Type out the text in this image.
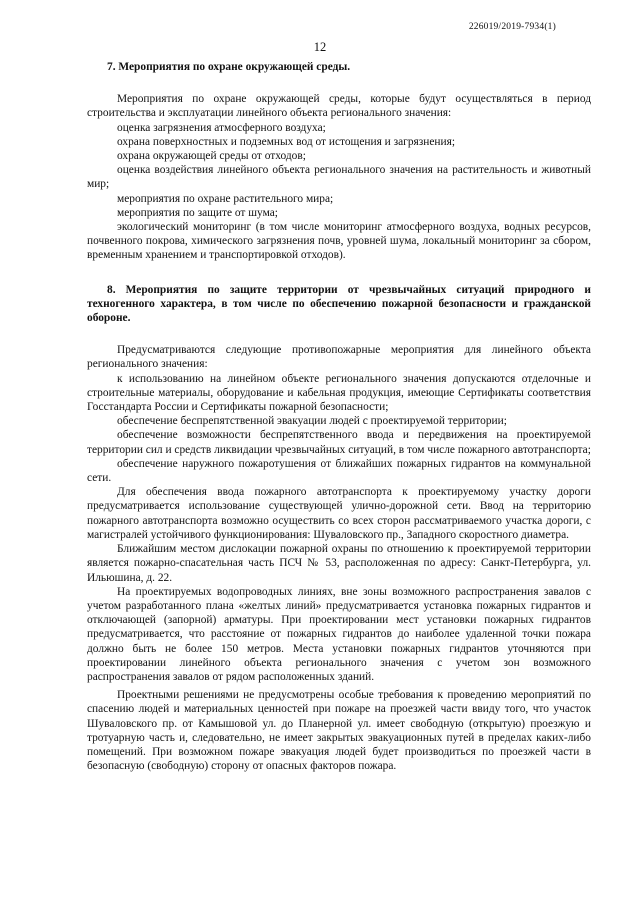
226019/2019-7934(1)
12

7. Мероприятия по охране окружающей среды.

Мероприятия по охране окружающей среды, которые будут осуществляться в период строительства и эксплуатации линейного объекта регионального значения:

оценка загрязнения атмосферного воздуха;

охрана поверхностных и подземных вод от истощения и загрязнения;

охрана окружающей среды от отходов;

оценка воздействия линейного объекта регионального значения на растительность и животный мир;

мероприятия по охране растительного мира;

мероприятия по защите от шума;

экологический мониторинг (в том числе мониторинг атмосферного воздуха, водных ресурсов, почвенного покрова, химического загрязнения почв, уровней шума, локальный мониторинг за сбором, временным хранением и транспортировкой отходов).

8. Мероприятия по защите территории от чрезвычайных ситуаций природного и техногенного характера, в том числе по обеспечению пожарной безопасности и гражданской обороне.

Предусматриваются следующие противопожарные мероприятия для линейного объекта регионального значения:

к использованию на линейном объекте регионального значения допускаются отделочные и строительные материалы, оборудование и кабельная продукция, имеющие Сертификаты соответствия Госстандарта России и Сертификаты пожарной безопасности;

обеспечение беспрепятственной эвакуации людей с проектируемой территории;

обеспечение возможности беспрепятственного ввода и передвижения на проектируемой территории сил и средств ликвидации чрезвычайных ситуаций, в том числе пожарного автотранспорта;

обеспечение наружного пожаротушения от ближайших пожарных гидрантов на коммунальной сети.

Для обеспечения ввода пожарного автотранспорта к проектируемому участку дороги предусматривается использование существующей улично-дорожной сети. Ввод на территорию пожарного автотранспорта возможно осуществить со всех сторон рассматриваемого участка дороги, с магистралей устойчивого функционирования: Шуваловского пр., Западного скоростного диаметра.

Ближайшим местом дислокации пожарной охраны по отношению к проектируемой территории является пожарно-спасательная часть ПСЧ № 53, расположенная по адресу: Санкт-Петербурга, ул. Ильюшина, д. 22.

На проектируемых водопроводных линиях, вне зоны возможного распространения завалов с учетом разработанного плана «желтых линий» предусматривается установка пожарных гидрантов и отключающей (запорной) арматуры. При проектировании мест установки пожарных гидрантов предусматривается, что расстояние от пожарных гидрантов до наиболее удаленной точки пожара должно быть не более 150 метров. Места установки пожарных гидрантов уточняются при проектировании линейного объекта регионального значения с учетом зон возможного распространения завалов от рядом расположенных зданий.

Проектными решениями не предусмотрены особые требования к проведению мероприятий по спасению людей и материальных ценностей при пожаре на проезжей части ввиду того, что участок Шуваловского пр. от Камышовой ул. до Планерной ул. имеет свободную (открытую) проезжую и тротуарную часть и, следовательно, не имеет закрытых эвакуационных путей в пределах каких-либо помещений. При возможном пожаре эвакуация людей будет производиться по проезжей части в безопасную (свободную) сторону от опасных факторов пожара.
